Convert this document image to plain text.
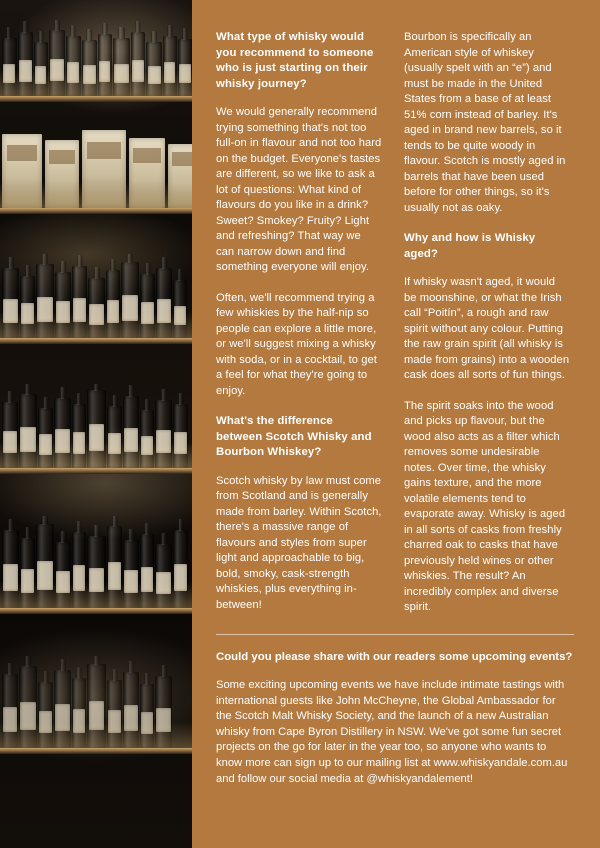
What type of whisky would you recommend to someone who is just starting on their whisky journey?

We would generally recommend trying something that's not too full-on in flavour and not too hard on the budget. Everyone's tastes are different, so we like to ask a lot of questions: What kind of flavours do you like in a drink? Sweet? Smokey? Fruity? Light and refreshing? That way we can narrow down and find something everyone will enjoy.

Often, we'll recommend trying a few whiskies by the half-nip so people can explore a little more, or we'll suggest mixing a whisky with soda, or in a cocktail, to get a feel for what they're going to enjoy.

What's the difference between Scotch Whisky and Bourbon Whiskey?

Scotch whisky by law must come from Scotland and is generally made from barley. Within Scotch, there's a massive range of flavours and styles from super light and approachable to big, bold, smoky, cask-strength whiskies, plus everything in-between!

Bourbon is specifically an American style of whiskey (usually spelt with an “e”) and must be made in the United States from a base of at least 51% corn instead of barley. It's aged in brand new barrels, so it tends to be quite woody in flavour. Scotch is mostly aged in barrels that have been used before for other things, so it's usually not as oaky.

Why and how is Whisky aged?

If whisky wasn't aged, it would be moonshine, or what the Irish call “Poitín”, a rough and raw spirit without any colour. Putting the raw grain spirit (all whisky is made from grains) into a wooden cask does all sorts of fun things.

The spirit soaks into the wood and picks up flavour, but the wood also acts as a filter which removes some undesirable notes. Over time, the whisky gains texture, and the more volatile elements tend to evaporate away. Whisky is aged in all sorts of casks from freshly charred oak to casks that have previously held wines or other whiskies. The result? An incredibly complex and diverse spirit.

Could you please share with our readers some upcoming events?

Some exciting upcoming events we have include intimate tastings with international guests like John McCheyne, the Global Ambassador for the Scotch Malt Whisky Society, and the launch of a new Australian whisky from Cape Byron Distillery in NSW. We've got some fun secret projects on the go for later in the year too, so anyone who wants to know more can sign up to our mailing list at www.whiskyandale.com.au and follow our social media at @whiskyandalement!
